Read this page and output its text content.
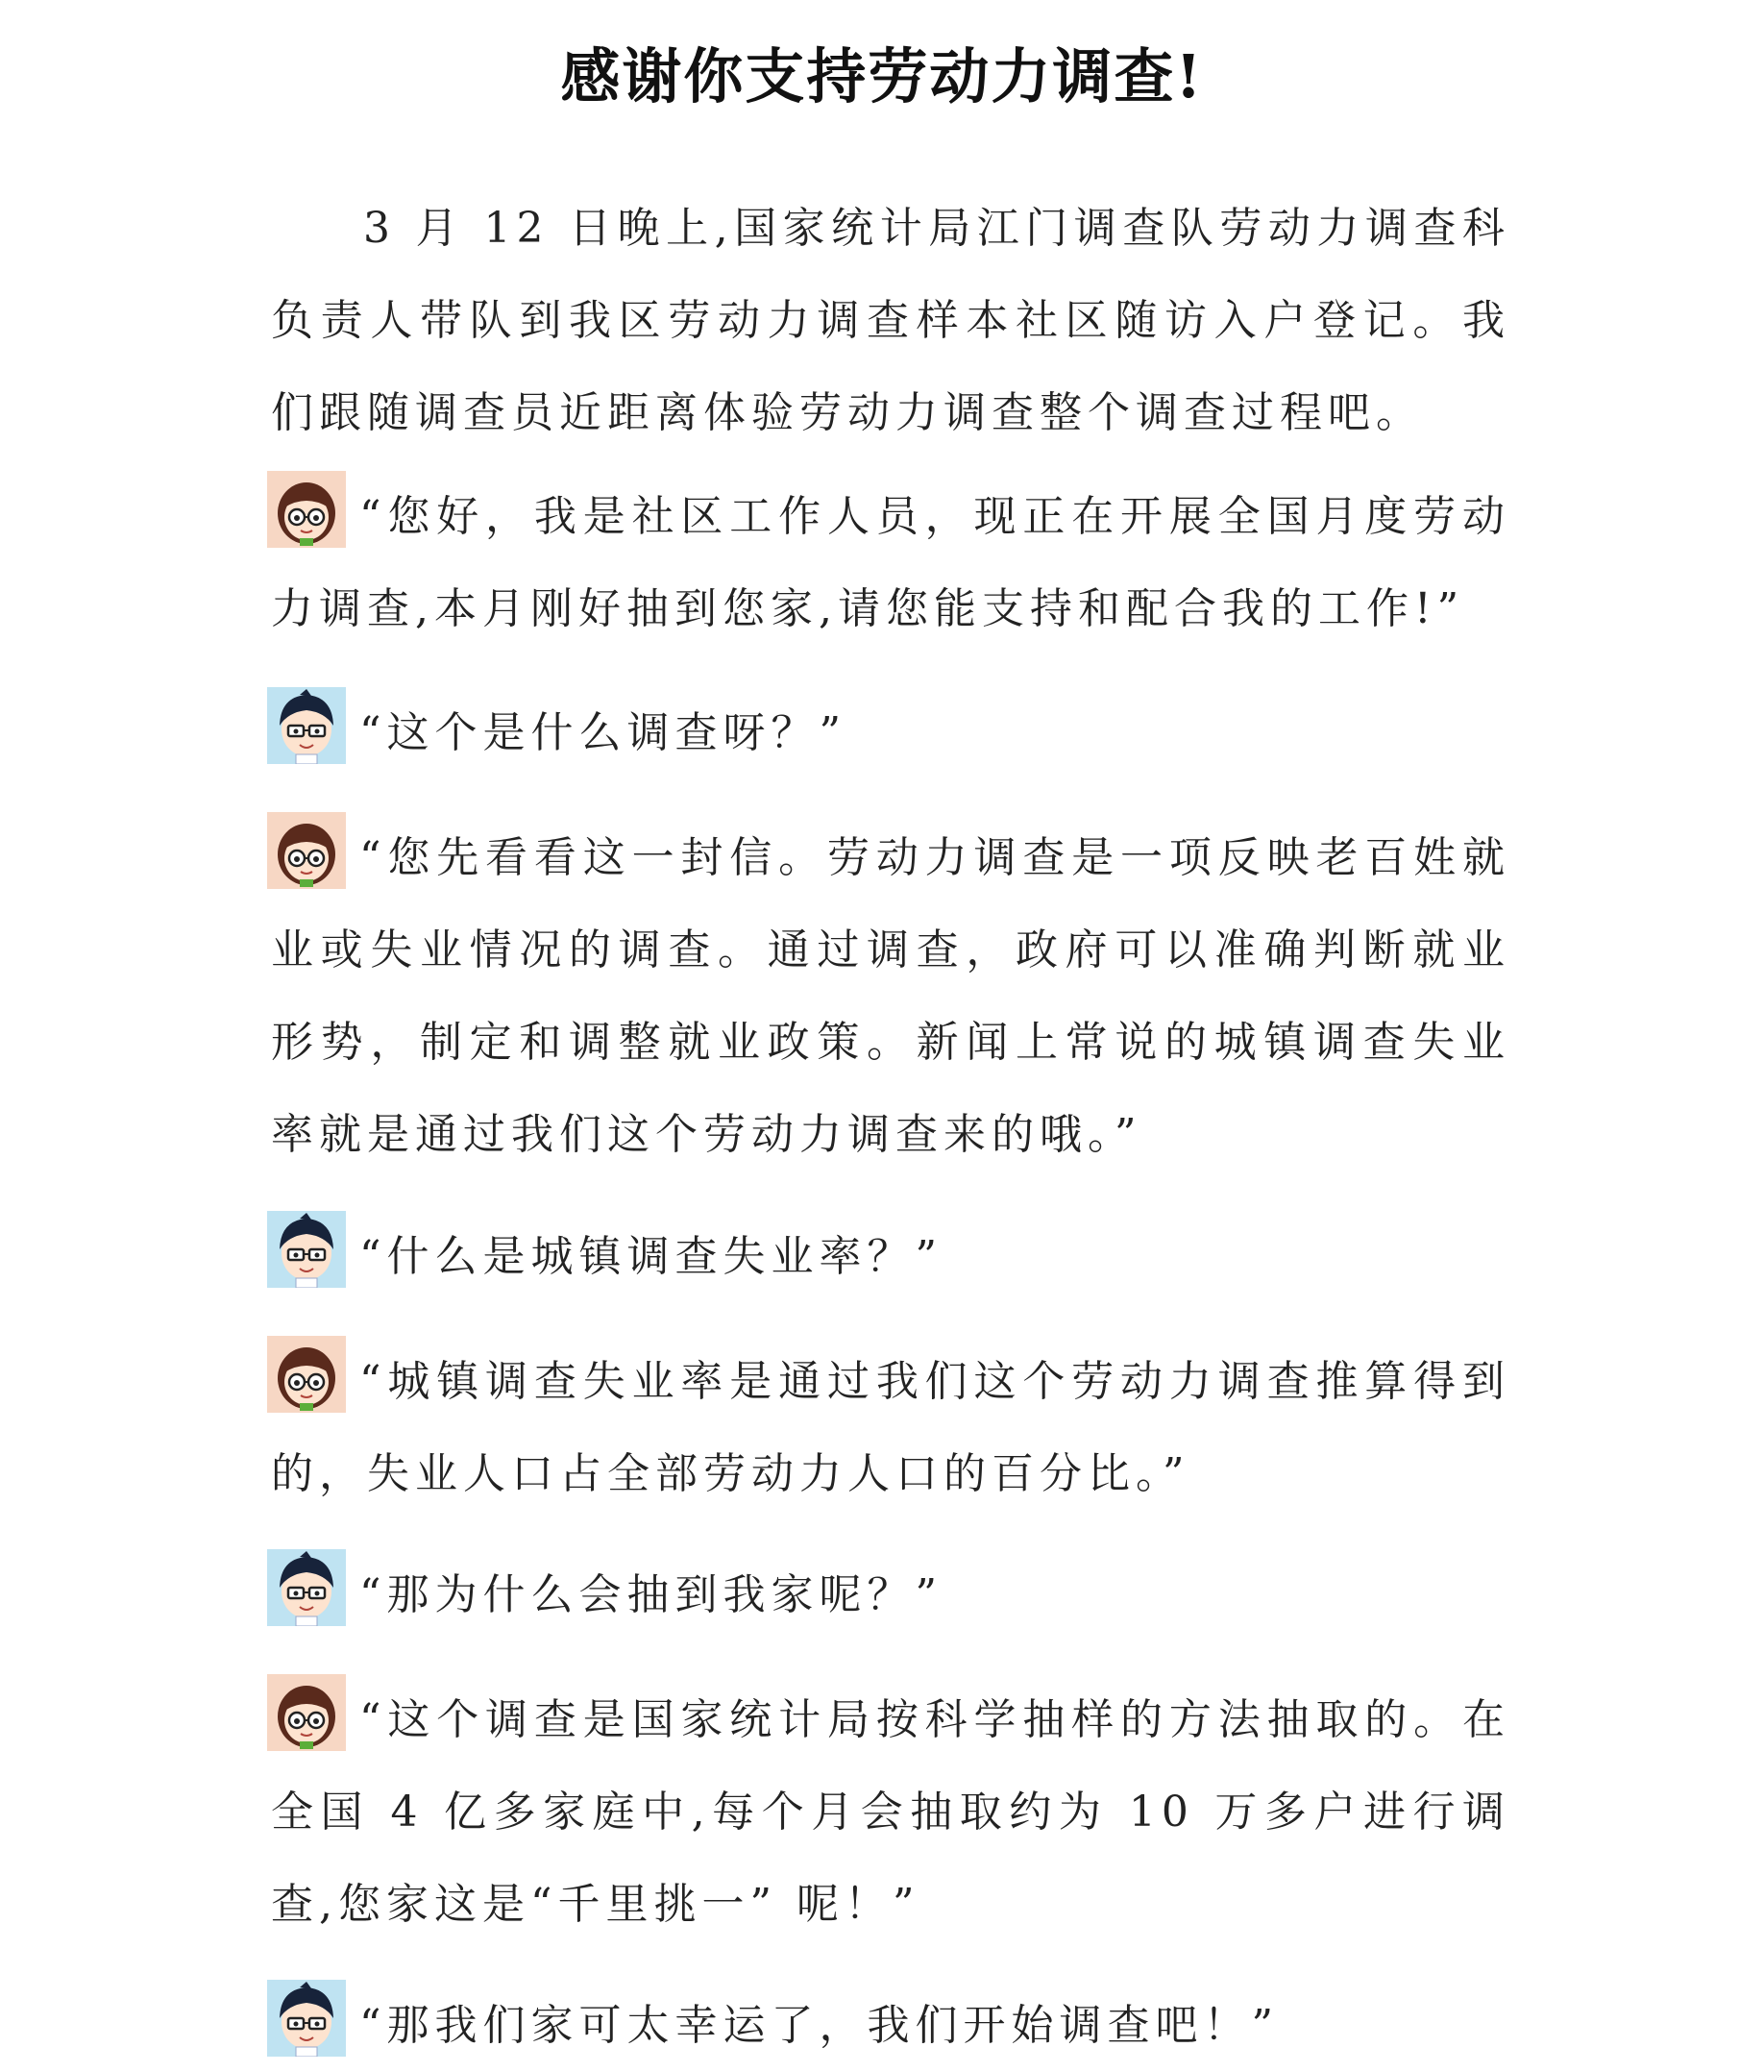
感谢你支持劳动力调查!

3 月 12 日晚上,国家统计局江门调查队劳动力调查科负责人带队到我区劳动力调查样本社区随访入户登记。我们跟随调查员近距离体验劳动力调查整个调查过程吧。

“您好，我是社区工作人员，现正在开展全国月度劳动力调查,本月刚好抽到您家,请您能支持和配合我的工作!”

“这个是什么调查呀？”

“您先看看这一封信。劳动力调查是一项反映老百姓就业或失业情况的调查。通过调查，政府可以准确判断就业形势，制定和调整就业政策。新闻上常说的城镇调查失业率就是通过我们这个劳动力调查来的哦。”

“什么是城镇调查失业率？”

“城镇调查失业率是通过我们这个劳动力调查推算得到的，失业人口占全部劳动力人口的百分比。”

“那为什么会抽到我家呢？”

“这个调查是国家统计局按科学抽样的方法抽取的。在全国 4 亿多家庭中,每个月会抽取约为 10 万多户进行调查,您家这是“千里挑一” 呢！”

“那我们家可太幸运了，我们开始调查吧！”
